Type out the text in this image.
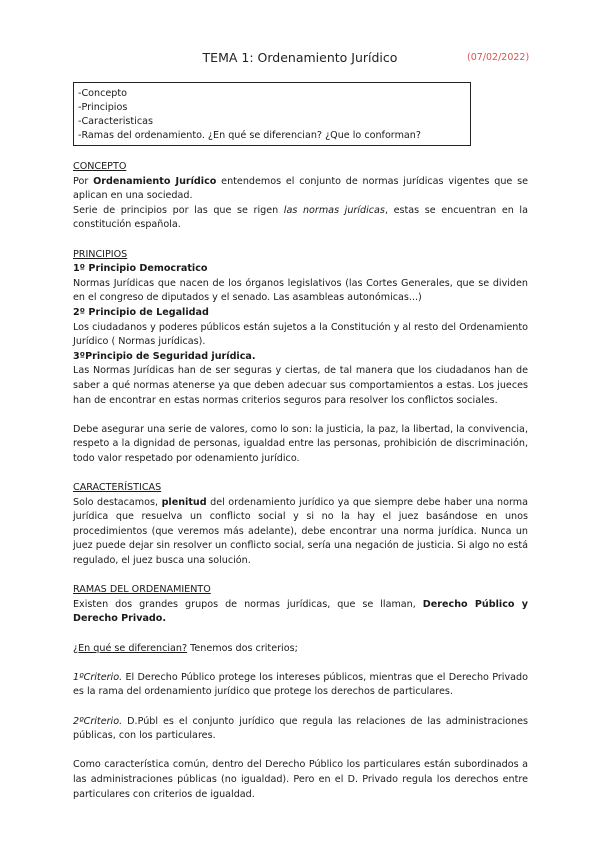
TEMA 1: Ordenamiento Jurídico	(07/02/2022)
-Concepto
-Principios
-Caracteristicas
-Ramas del ordenamiento. ¿En qué se diferencian? ¿Que lo conforman?

CONCEPTO

Por Ordenamiento Jurídico entendemos el conjunto de normas jurídicas vigentes que se aplican en una sociedad.

Serie de principios por las que se rigen las normas jurídicas, estas se encuentran en la constitución española.

PRINCIPIOS

1º Principio Democratico

Normas Jurídicas que nacen de los órganos legislativos (las Cortes Generales, que se dividen en el congreso de diputados y el senado. Las asambleas autonómicas...)

2º Principio de Legalidad

Los ciudadanos y poderes públicos están sujetos a la Constitución y al resto del Ordenamiento Jurídico ( Normas jurídicas).

3ºPrincipio de Seguridad jurídica.

Las Normas Jurídicas han de ser seguras y ciertas, de tal manera que los ciudadanos han de saber a qué normas atenerse ya que deben adecuar sus comportamientos a estas. Los jueces han de encontrar en estas normas criterios seguros para resolver los conflictos sociales.

Debe asegurar una serie de valores, como lo son: la justicia, la paz, la libertad, la convivencia, respeto a la dignidad de personas, igualdad entre las personas, prohibición de discriminación, todo valor respetado por odenamiento jurídico.

CARACTERÍSTICAS

Solo destacamos, plenitud del ordenamiento jurídico ya que siempre debe haber una norma jurídica que resuelva un conflicto social y si no la hay el juez basándose en unos procedimientos (que veremos más adelante), debe encontrar una norma jurídica. Nunca un juez puede dejar sin resolver un conflicto social, sería una negación de justicia. Si algo no está regulado, el juez busca una solución.

RAMAS DEL ORDENAMIENTO

Existen dos grandes grupos de normas jurídicas, que se llaman, Derecho Público y Derecho Privado.

¿En qué se diferencian? Tenemos dos criterios;

1ºCriterio. El Derecho Público protege los intereses públicos, mientras que el Derecho Privado es la rama del ordenamiento jurídico que protege los derechos de particulares.

2ºCriterio. D.Públ es el conjunto jurídico que regula las relaciones de las administraciones públicas, con los particulares.

Como característica común, dentro del Derecho Público los particulares están subordinados a las administraciones públicas (no igualdad). Pero en el D. Privado regula los derechos entre particulares con criterios de igualdad.
